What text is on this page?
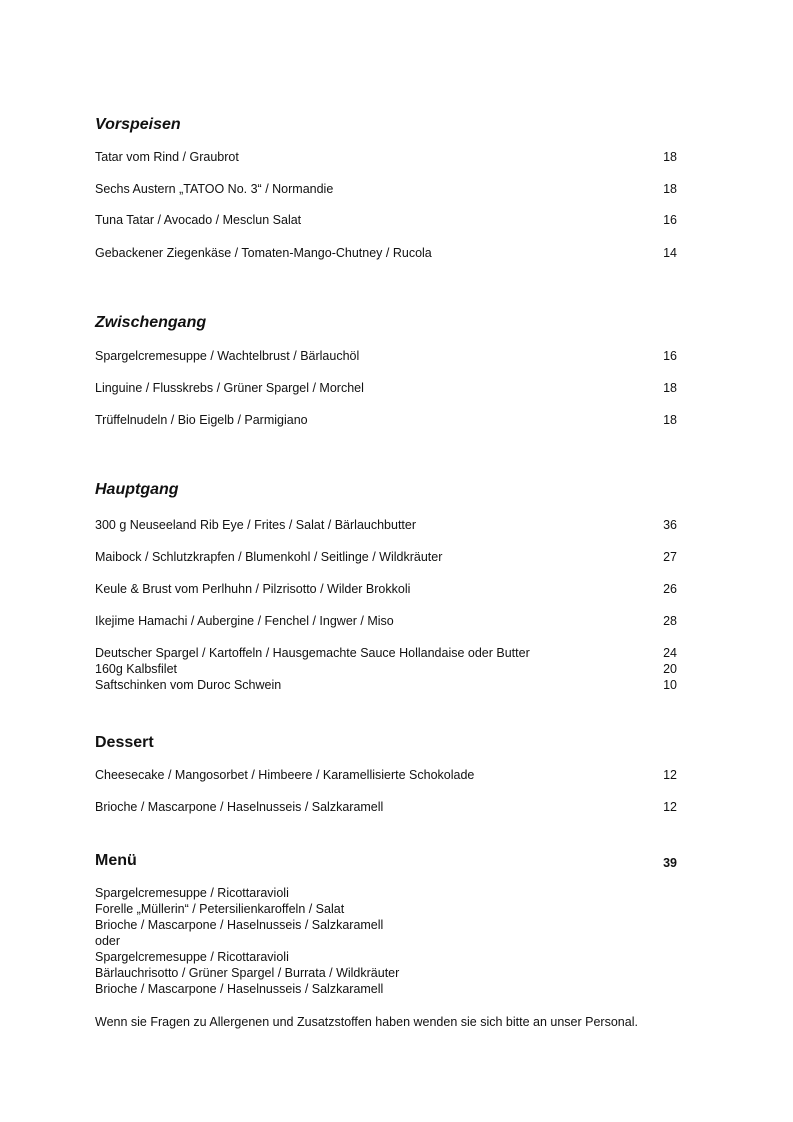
Vorspeisen
Tatar vom Rind / Graubrot	18
Sechs Austern „TATOO No. 3“ / Normandie	18
Tuna Tatar / Avocado / Mesclun Salat	16
Gebackener Ziegenkäse / Tomaten-Mango-Chutney / Rucola	14
Zwischengang
Spargelcremesuppe / Wachtelbrust / Bärlauchöl	16
Linguine / Flusskrebs / Grüner Spargel / Morchel	18
Trüffelnudeln / Bio Eigelb / Parmigiano	18
Hauptgang
300 g Neuseeland Rib Eye / Frites / Salat / Bärlauchbutter	36
Maibock / Schlutzkrapfen / Blumenkohl / Seitlinge / Wildkräuter	27
Keule & Brust vom Perlhuhn / Pilzrisotto / Wilder Brokkoli	26
Ikejime Hamachi / Aubergine / Fenchel / Ingwer / Miso	28
Deutscher Spargel / Kartoffeln / Hausgemachte Sauce Hollandaise oder Butter	24
160g Kalbsfilet	20
Saftschinken vom Duroc Schwein	10
Dessert
Cheesecake / Mangosorbet / Himbeere / Karamellisierte Schokolade	12
Brioche / Mascarpone / Haselnusseis / Salzkaramell	12
Menü	39
Spargelcremesuppe / Ricottaravioli
Forelle „Müllerin“ / Petersilienkaroffeln / Salat
Brioche / Mascarpone / Haselnusseis / Salzkaramell
oder
Spargelcremesuppe / Ricottaravioli
Bärlauchrisotto / Grüner Spargel / Burrata / Wildkräuter
Brioche / Mascarpone / Haselnusseis / Salzkaramell
Wenn sie Fragen zu Allergenen und Zusatzstoffen haben wenden sie sich bitte an unser Personal.
